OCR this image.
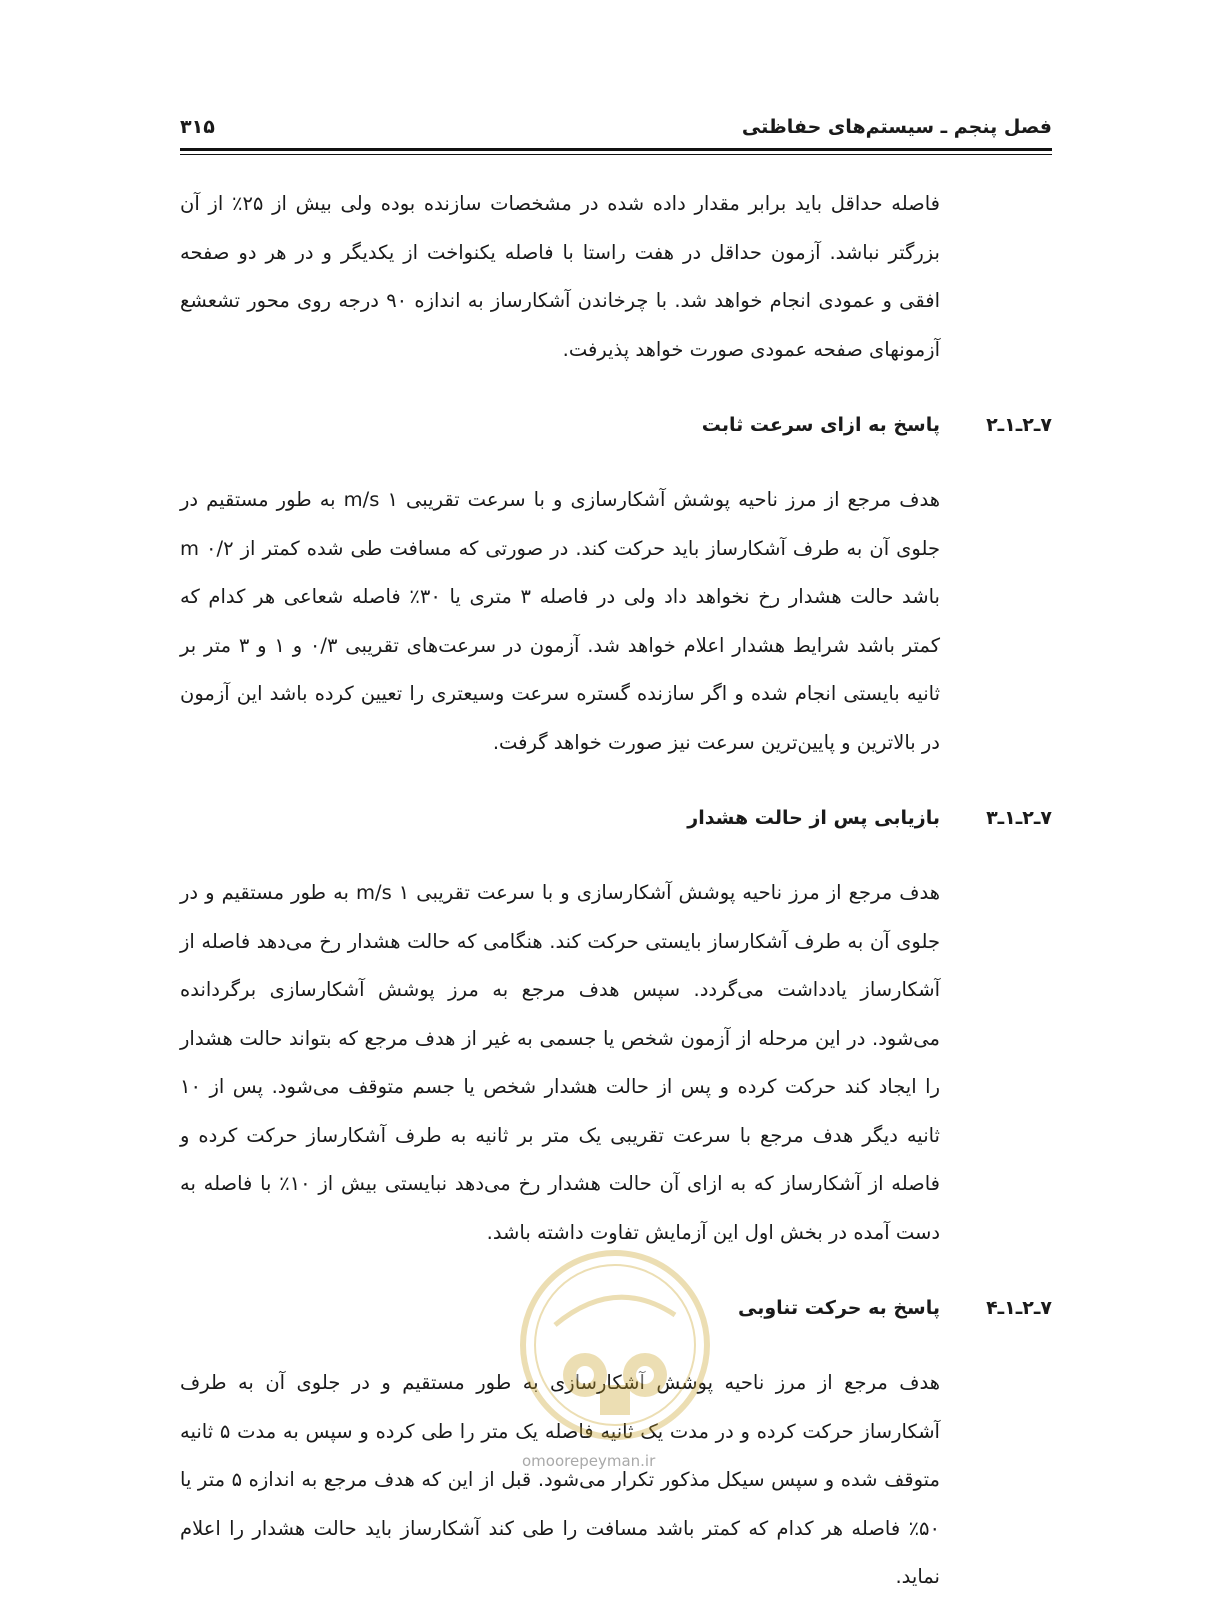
فصل پنجم ـ سیستم‌های حفاظتی
۳۱۵

فاصله حداقل باید برابر مقدار داده شده در مشخصات سازنده بوده ولی بیش از ۲۵٪ از آن بزرگتر نباشد. آزمون حداقل در هفت راستا با فاصله یکنواخت از یکدیگر و در هر دو صفحه افقی و عمودی انجام خواهد شد. با چرخاندن آشکارساز به اندازه ۹۰ درجه روی محور تشعشع آزمونهای صفحه عمودی صورت خواهد پذیرفت.

۷ـ۲ـ۱ـ۲
پاسخ به ازای سرعت ثابت

هدف مرجع از مرز ناحیه پوشش آشکارسازی و با سرعت تقریبی ۱ m/s به طور مستقیم در جلوی آن به طرف آشکارساز باید حرکت کند. در صورتی که مسافت طی شده کمتر از ۰/۲ m باشد حالت هشدار رخ نخواهد داد ولی در فاصله ۳ متری یا ۳۰٪ فاصله شعاعی هر کدام که کمتر باشد شرایط هشدار اعلام خواهد شد. آزمون در سرعت‌های تقریبی ۰/۳ و ۱ و ۳ متر بر ثانیه بایستی انجام شده و اگر سازنده گستره سرعت وسیعتری را تعیین کرده باشد این آزمون در بالاترین و پایین‌ترین سرعت نیز صورت خواهد گرفت.

۷ـ۲ـ۱ـ۳
بازیابی پس از حالت هشدار

هدف مرجع از مرز ناحیه پوشش آشکارسازی و با سرعت تقریبی ۱ m/s به طور مستقیم و در جلوی آن به طرف آشکارساز بایستی حرکت کند. هنگامی که حالت هشدار رخ می‌دهد فاصله از آشکارساز یادداشت می‌گردد. سپس هدف مرجع به مرز پوشش آشکارسازی برگردانده می‌شود. در این مرحله از آزمون شخص یا جسمی به غیر از هدف مرجع که بتواند حالت هشدار را ایجاد کند حرکت کرده و پس از حالت هشدار شخص یا جسم متوقف می‌شود. پس از ۱۰ ثانیه دیگر هدف مرجع با سرعت تقریبی یک متر بر ثانیه به طرف آشکارساز حرکت کرده و فاصله از آشکارساز که به ازای آن حالت هشدار رخ می‌دهد نبایستی بیش از ۱۰٪ با فاصله به دست آمده در بخش اول این آزمایش تفاوت داشته باشد.

۷ـ۲ـ۱ـ۴
پاسخ به حرکت تناوبی

هدف مرجع از مرز ناحیه پوشش آشکارسازی به طور مستقیم و در جلوی آن به طرف آشکارساز حرکت کرده و در مدت یک ثانیه فاصله یک متر را طی کرده و سپس به مدت ۵ ثانیه متوقف شده و سپس سیکل مذکور تکرار می‌شود. قبل از این که هدف مرجع به اندازه ۵ متر یا ۵۰٪ فاصله هر کدام که کمتر باشد مسافت را طی کند آشکارساز باید حالت هشدار را اعلام نماید.

omoorepeyman.ir
